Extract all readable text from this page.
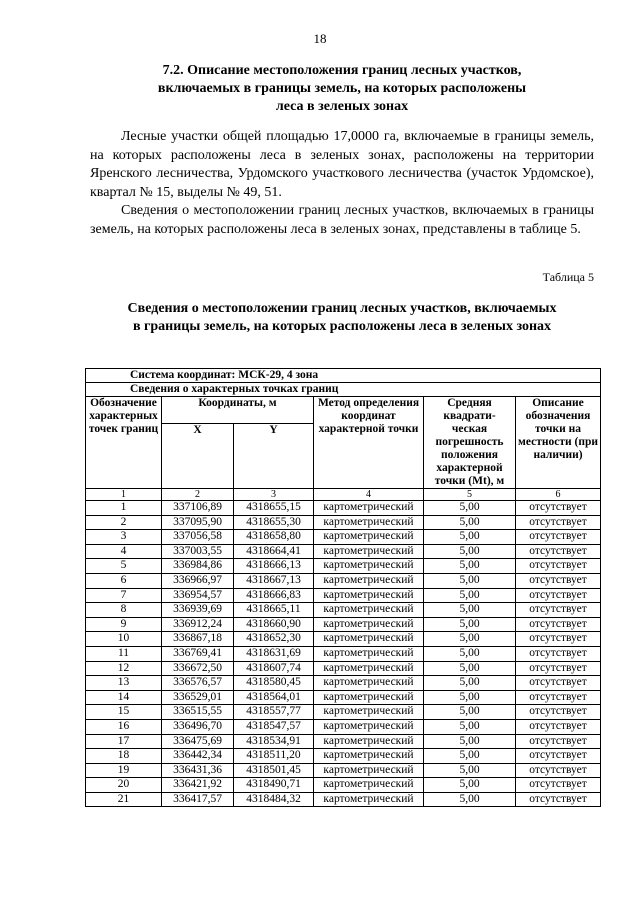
18
7.2. Описание местоположения границ лесных участков,
включаемых в границы земель, на которых расположены
леса в зеленых зонах

Лесные участки общей площадью 17,0000 га, включаемые в границы земель, на которых расположены леса в зеленых зонах, расположены на территории Яренского лесничества, Урдомского участкового лесничества (участок Урдомское), квартал № 15, выделы № 49, 51.

Сведения о местоположении границ лесных участков, включаемых в границы земель, на которых расположены леса в зеленых зонах, представлены в таблице 5.

Таблица 5
Сведения о местоположении границ лесных участков, включаемых
в границы земель, на которых расположены леса в зеленых зонах
Система координат: МСК-29, 4 зона					
Сведения о характерных точках границ					
Обозначение характерных точек границ	Координаты, м		Метод определения координат характерной точки	Средняя квадрати- ческая погрешность положения характерной точки (Mt), м	Описание обозначения точки на местности (при наличии)
	X	Y			
1	2	3	4	5	6
1	337106,89	4318655,15	картометрический	5,00	отсутствует
2	337095,90	4318655,30	картометрический	5,00	отсутствует
3	337056,58	4318658,80	картометрический	5,00	отсутствует
4	337003,55	4318664,41	картометрический	5,00	отсутствует
5	336984,86	4318666,13	картометрический	5,00	отсутствует
6	336966,97	4318667,13	картометрический	5,00	отсутствует
7	336954,57	4318666,83	картометрический	5,00	отсутствует
8	336939,69	4318665,11	картометрический	5,00	отсутствует
9	336912,24	4318660,90	картометрический	5,00	отсутствует
10	336867,18	4318652,30	картометрический	5,00	отсутствует
11	336769,41	4318631,69	картометрический	5,00	отсутствует
12	336672,50	4318607,74	картометрический	5,00	отсутствует
13	336576,57	4318580,45	картометрический	5,00	отсутствует
14	336529,01	4318564,01	картометрический	5,00	отсутствует
15	336515,55	4318557,77	картометрический	5,00	отсутствует
16	336496,70	4318547,57	картометрический	5,00	отсутствует
17	336475,69	4318534,91	картометрический	5,00	отсутствует
18	336442,34	4318511,20	картометрический	5,00	отсутствует
19	336431,36	4318501,45	картометрический	5,00	отсутствует
20	336421,92	4318490,71	картометрический	5,00	отсутствует
21	336417,57	4318484,32	картометрический	5,00	отсутствует
